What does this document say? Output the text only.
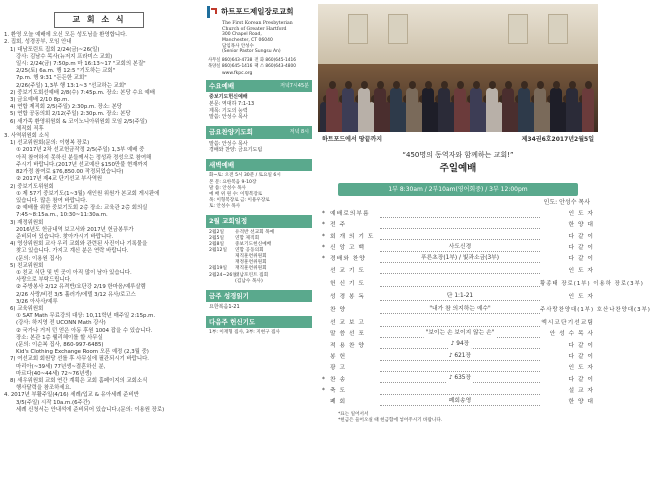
교 회 소 식
1. 환영 오늘 예배에 오신 모든 성도님을 환영합니다.
2. 집회, 성경공부, 모임 안내
1) 대남포린트 집회 2/24(금)~26(일)
강사: 김남수 목사(뉴저지 프라미스 교회)
일시: 2/24(금) 7:50p.m 마 16:13~17 "교회의 본질"
2/25(토) 6a.m. 행 12:5 "기도하는 교회"
7p.m. 행 9:31 "든든한 교회"
2/26(주일) 1,3부 행 13:1~3 "선교하는 교회"
2) 중보기도회선예배 2/8(수) 7:45p.m. 장소: 본당 수요 예배
3) 금요예배 2/10 8p.m.
4) 연합 제직회 2/5(주일) 2:30p.m. 장소: 본당
5) 연합 공동의회 2/12(주일) 2:30p.m. 장소: 본당
6) 새가족 환영위원회 & 코이노니아위원회 모임 2/5(주일)
체직회 직후
3. 사역위원회 소식
1) 선교위원회(문의: 이형복 장로)
① 2017년 2차 선교헌금작정 2/5(주일) 1,3부 예배 중
아직 참여하지 못하신 분들께서는 정성과 정성으로 참여해
주시기 바랍니다.(2017년 선교예산 $150만불 현재까지
82가정 참여로 $76,850.00 작정되었습니다)
② 2017년 제4교 단기선교 부사역원
2) 중보기도위원회
① 제 57기 중보기도(1~3월) 새인원 위원가 본교회 게시판에
있습니다. 많은 참여 바랍니다.
② 예배를 위한 중보기도회 2층 장소: 교육관 2층 회의실
7:45~8:15a.m., 10:30~11:30a.m.
3) 재정위원회
2016년도 헌금내역 보고서와 2017년 헌금봉투가
준비되어 있습니다. 찾아가시기 바랍니다.
4) 영상위원회 교사 우리 교회와 관련된 사진이나 기록물을
찾고 있습니다. 가지고 계신 분은 연락 바랍니다.
(문의: 이용원 집사)
5) 친교위원회
① 친교 식단 및 빈 곳이 아직 많이 남아 있습니다.
사랑으로 부탁드립니다.
② 주방봉사 2/12 유격반/요단강 2/19 한마음/예루살렘
2/26 사랑/비전 3/5 흘러가/에델 3/12 유사/로고스
3/26 아사사/예루
6) 교육위원회
① SAT Math 무료강의 대상: 10,11학년 매주일 2:15p.m.
(강사: 하지영 전 UCONN Math 강사)
② 국가나 거저 던 얻은 아동 후원 1004 잡을 수 있습니다.
장소: 본관 1층 웰리헤이를 할 사무실
(문의: 이순복 집사, 860-997-6485)
Kid's Clothing Exchange Room 오픈 예정 (2,3월 중)
7) 여선교회 회원당 선를 후 사무실에 필관되시기 바랍니다.
마리아(~39세) 77년생~결혼하신 분,
마르다(40~44세) 72~76년생)
8) 새우위원회 교회 연간 계획은 교회 홈페이지의 교회소식
행사달력을 참조하세요.
4. 2017년 부활주일(4/16) 세례/입교 & 유아세례 준비반
3/5(주일) 시작 10a.m.(6주간)
세례 신청서는 안내석에 준비되어 있습니다.(문의: 이용원 장로)
하트포드제일장로교회
The First Korean Presbyterian
Church of Greater Hartford
300 Chapel Road,
Manchester, CT 06040
담임목사 안성수
(Senior Pastor Sungsu An)
사무실 860)643-4738
목양실 860)645-1416
전 화 860)645-1416
팩 스 860)643-4800
www.fkpc.org
수요예배	저녁7시45분
중보기도헌신예배
본문: 역대하 7:1-13
제목: 기도의 능력
말씀: 안성수 목사
금요찬양기도회	저녁 8시
말씀: 안성수 목사
경배와 찬양: 금요기도팀
새벽예배
화~토: 오전 5시 30분 / 토요일 6시
본 문: 요한복음 9-10장
말 씀: 안성수 목사
예 배 위 원 수: 이형복장로
목: 이형복장로 금: 이용우장로
토: 안성수 목사
2월 교회일정
2월2일	유격반 선교회 목예
2월5일	연합 제직회
2월8일	중보기도헌신예배
2월12일	연합 공동의회
제직훈련위원회
재정훈련위원회
2월19일	재직훈련위원회
2월24~26일
대남포린트 집회
(김남수 목사)
금주 성경읽기
요한복음1-21
다음주 헌신기도
1부: 이재형 집사, 3부: 지현구 집사
하트포드에서 땅끝까지	제34권6호2017년2월5일
“450명의 동역자와 함께하는 교회!”
주일예배
1부 8:30am / 2부10am(영어회중) / 3부 12:00pm
인도: 안성수 목사
* 예배로의부름	인 도 자
* 전 주	한 양 대
* 회 개 의 기 도	다 같 이
* 신 앙 고 백	사도신경	다 같 이
* 경배와 찬양	푸른초장(1부) / 빛과소금(3부)	다 같 이
선 교 기 도	인 도 자
헌 신 기 도	황종태 장로(1부) 이용하 장로(3부)
성 경 봉 독	단 1:1-21	인 도 자
찬 양	"내가 참 의지하는 예수"	주사랑찬양대(1부) 호산나찬양대(3부)
선 교 보 고	엑시코단기선교팀
말 씀 선 포	"보이는 손 보이지 않는 손"	안 성 수 목 사
적 용 찬 양	♪ 94장	다 같 이
봉 헌	♪ 621장	다 같 이
광 고	인 도 자
* 찬 송	♪ 635장	다 같 이
* 축 도	설 교 자
폐 회	폐회송영	한 양 대
*표는 일어서서
*헌금은 들어오실 때 헌금함에 넣어주시기 바랍니다.
